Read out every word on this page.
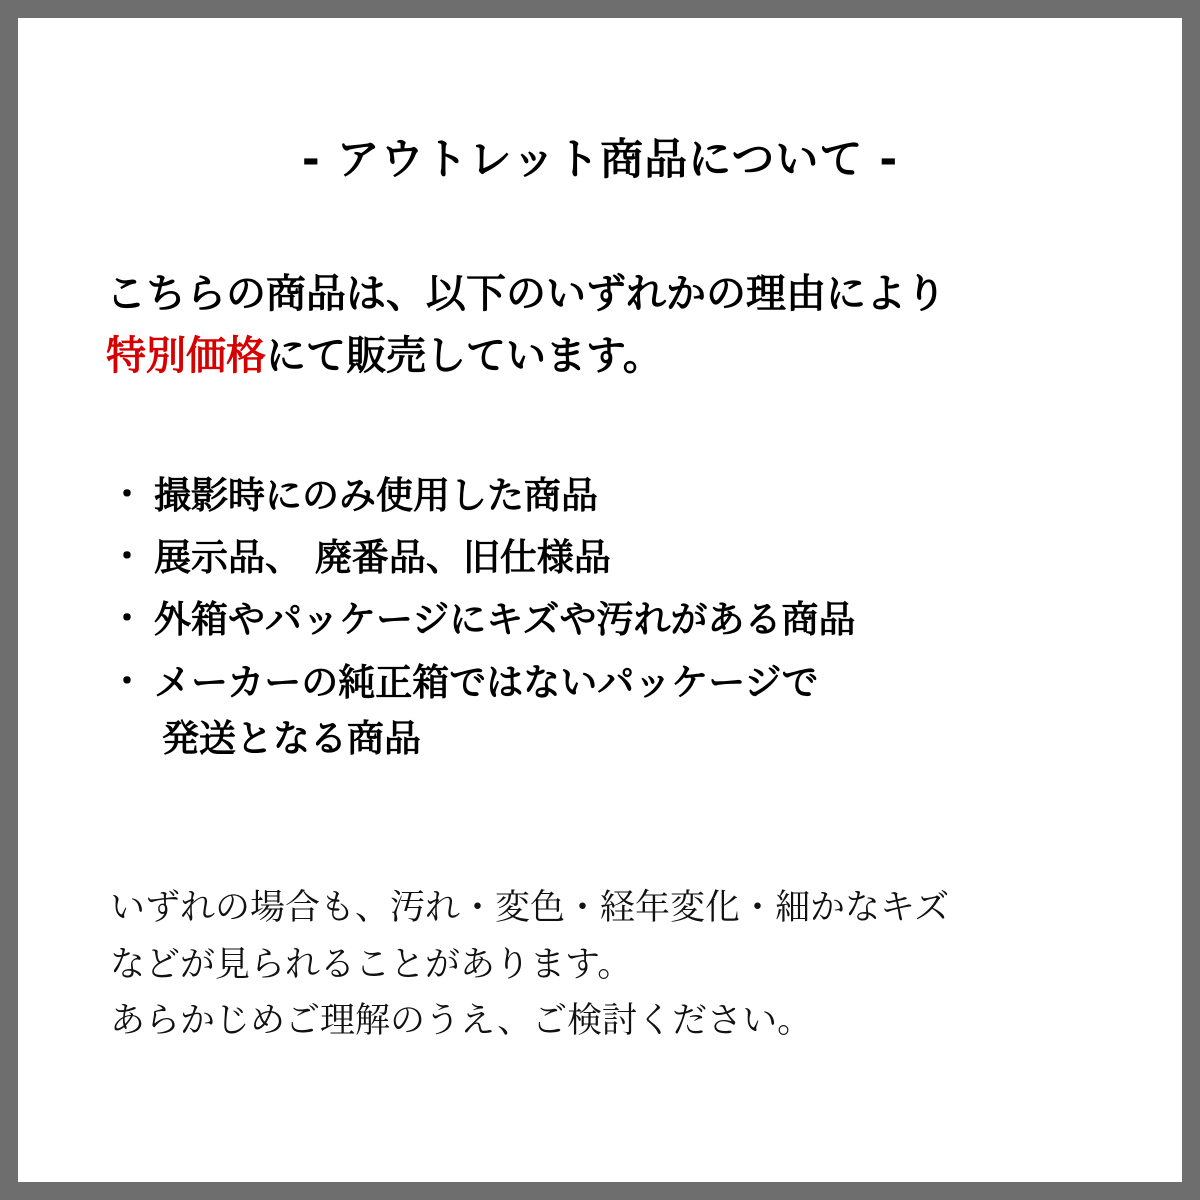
- アウトレット商品について -
こちらの商品は、以下のいずれかの理由により
特別価格にて販売しています。
・ 撮影時にのみ使用した商品
・ 展示品、 廃番品、旧仕様品
・ 外箱やパッケージにキズや汚れがある商品
・ メーカーの純正箱ではないパッケージで
発送となる商品

いずれの場合も、汚れ・変色・経年変化・細かなキズ

などが見られることがあります。

あらかじめご理解のうえ、ご検討ください。
